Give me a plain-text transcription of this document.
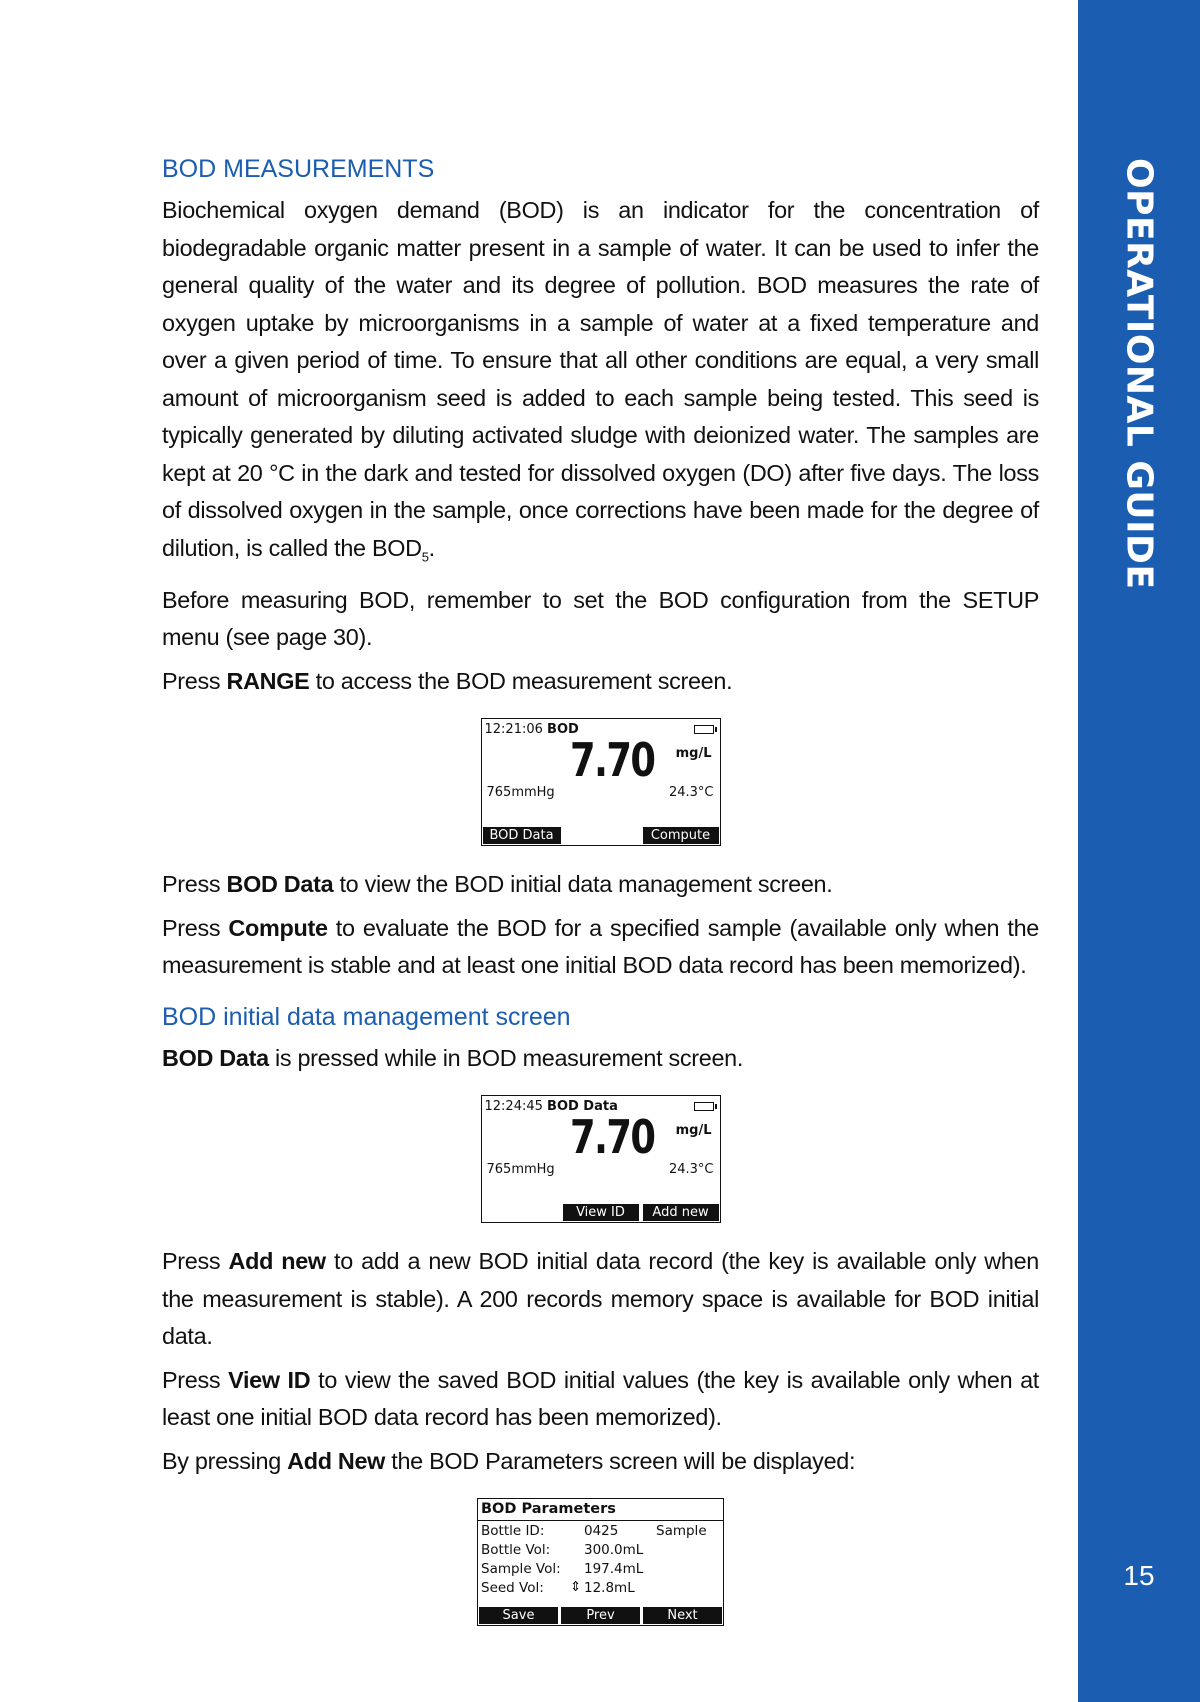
OPERATIONAL GUIDE
15
BOD MEASUREMENTS

Biochemical oxygen demand (BOD) is an indicator for the concentration of biodegradable organic matter present in a sample of water. It can be used to infer the general quality of the water and its degree of pollution. BOD measures the rate of oxygen uptake by microorganisms in a sample of water at a fixed temperature and over a given period of time. To ensure that all other conditions are equal, a very small amount of microorganism seed is added to each sample being tested. This seed is typically generated by diluting activated sludge with deionized water. The samples are kept at 20 °C in the dark and tested for dissolved oxygen (DO) after five days. The loss of dissolved oxygen in the sample, once corrections have been made for the degree of dilution, is called the $BOD_5$.

Before measuring BOD, remember to set the BOD configuration from the SETUP menu (see page 30).

Press RANGE to access the BOD measurement screen.

12:21:06 BOD
7.70 mg/L
765mmHg	24.3°C
BOD Data	Compute

Press BOD Data to view the BOD initial data management screen.

Press Compute to evaluate the BOD for a specified sample (available only when the measurement is stable and at least one initial BOD data record has been memorized).

BOD initial data management screen

BOD Data is pressed while in BOD measurement screen.

12:24:45 BOD Data
7.70 mg/L
765mmHg	24.3°C
View ID	Add new

Press Add new to add a new BOD initial data record (the key is available only when the measurement is stable). A 200 records memory space is available for BOD initial data.

Press View ID to view the saved BOD initial values (the key is available only when at least one initial BOD data record has been memorized).

By pressing Add New the BOD Parameters screen will be displayed:

BOD Parameters
Bottle ID:	0425	Sample
Bottle Vol:	300.0mL
Sample Vol: 197.4mL
Seed Vol: ⇕ 12.8mL
Save	Prev	Next
